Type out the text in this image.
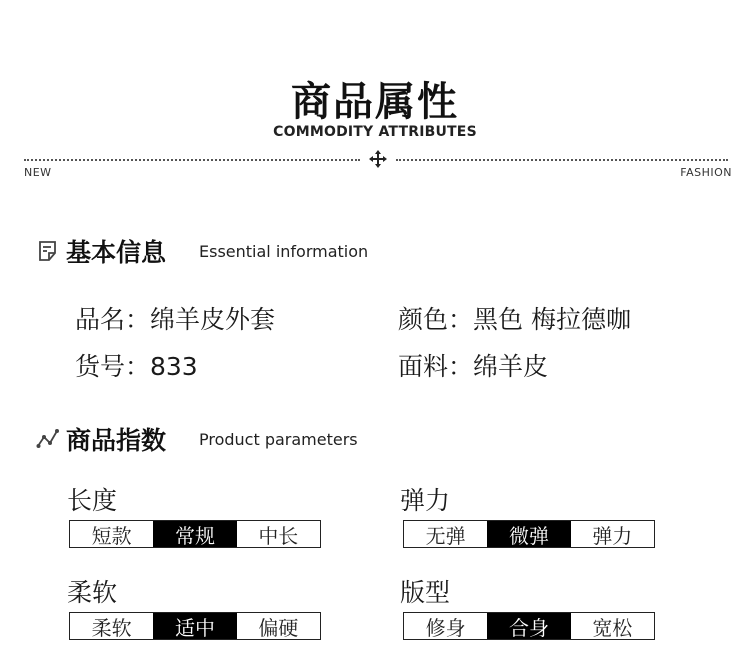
商品属性
COMMODITY ATTRIBUTES
NEW	FASHION
基本信息 Essential information
品名：绵羊皮外套	颜色：黑色 梅拉德咖
货号：833	面料：绵羊皮
商品指数 Product parameters
长度
短款	常规	中长
弹力
无弹	微弹	弹力
柔软
柔软	适中	偏硬
版型
修身	合身	宽松
